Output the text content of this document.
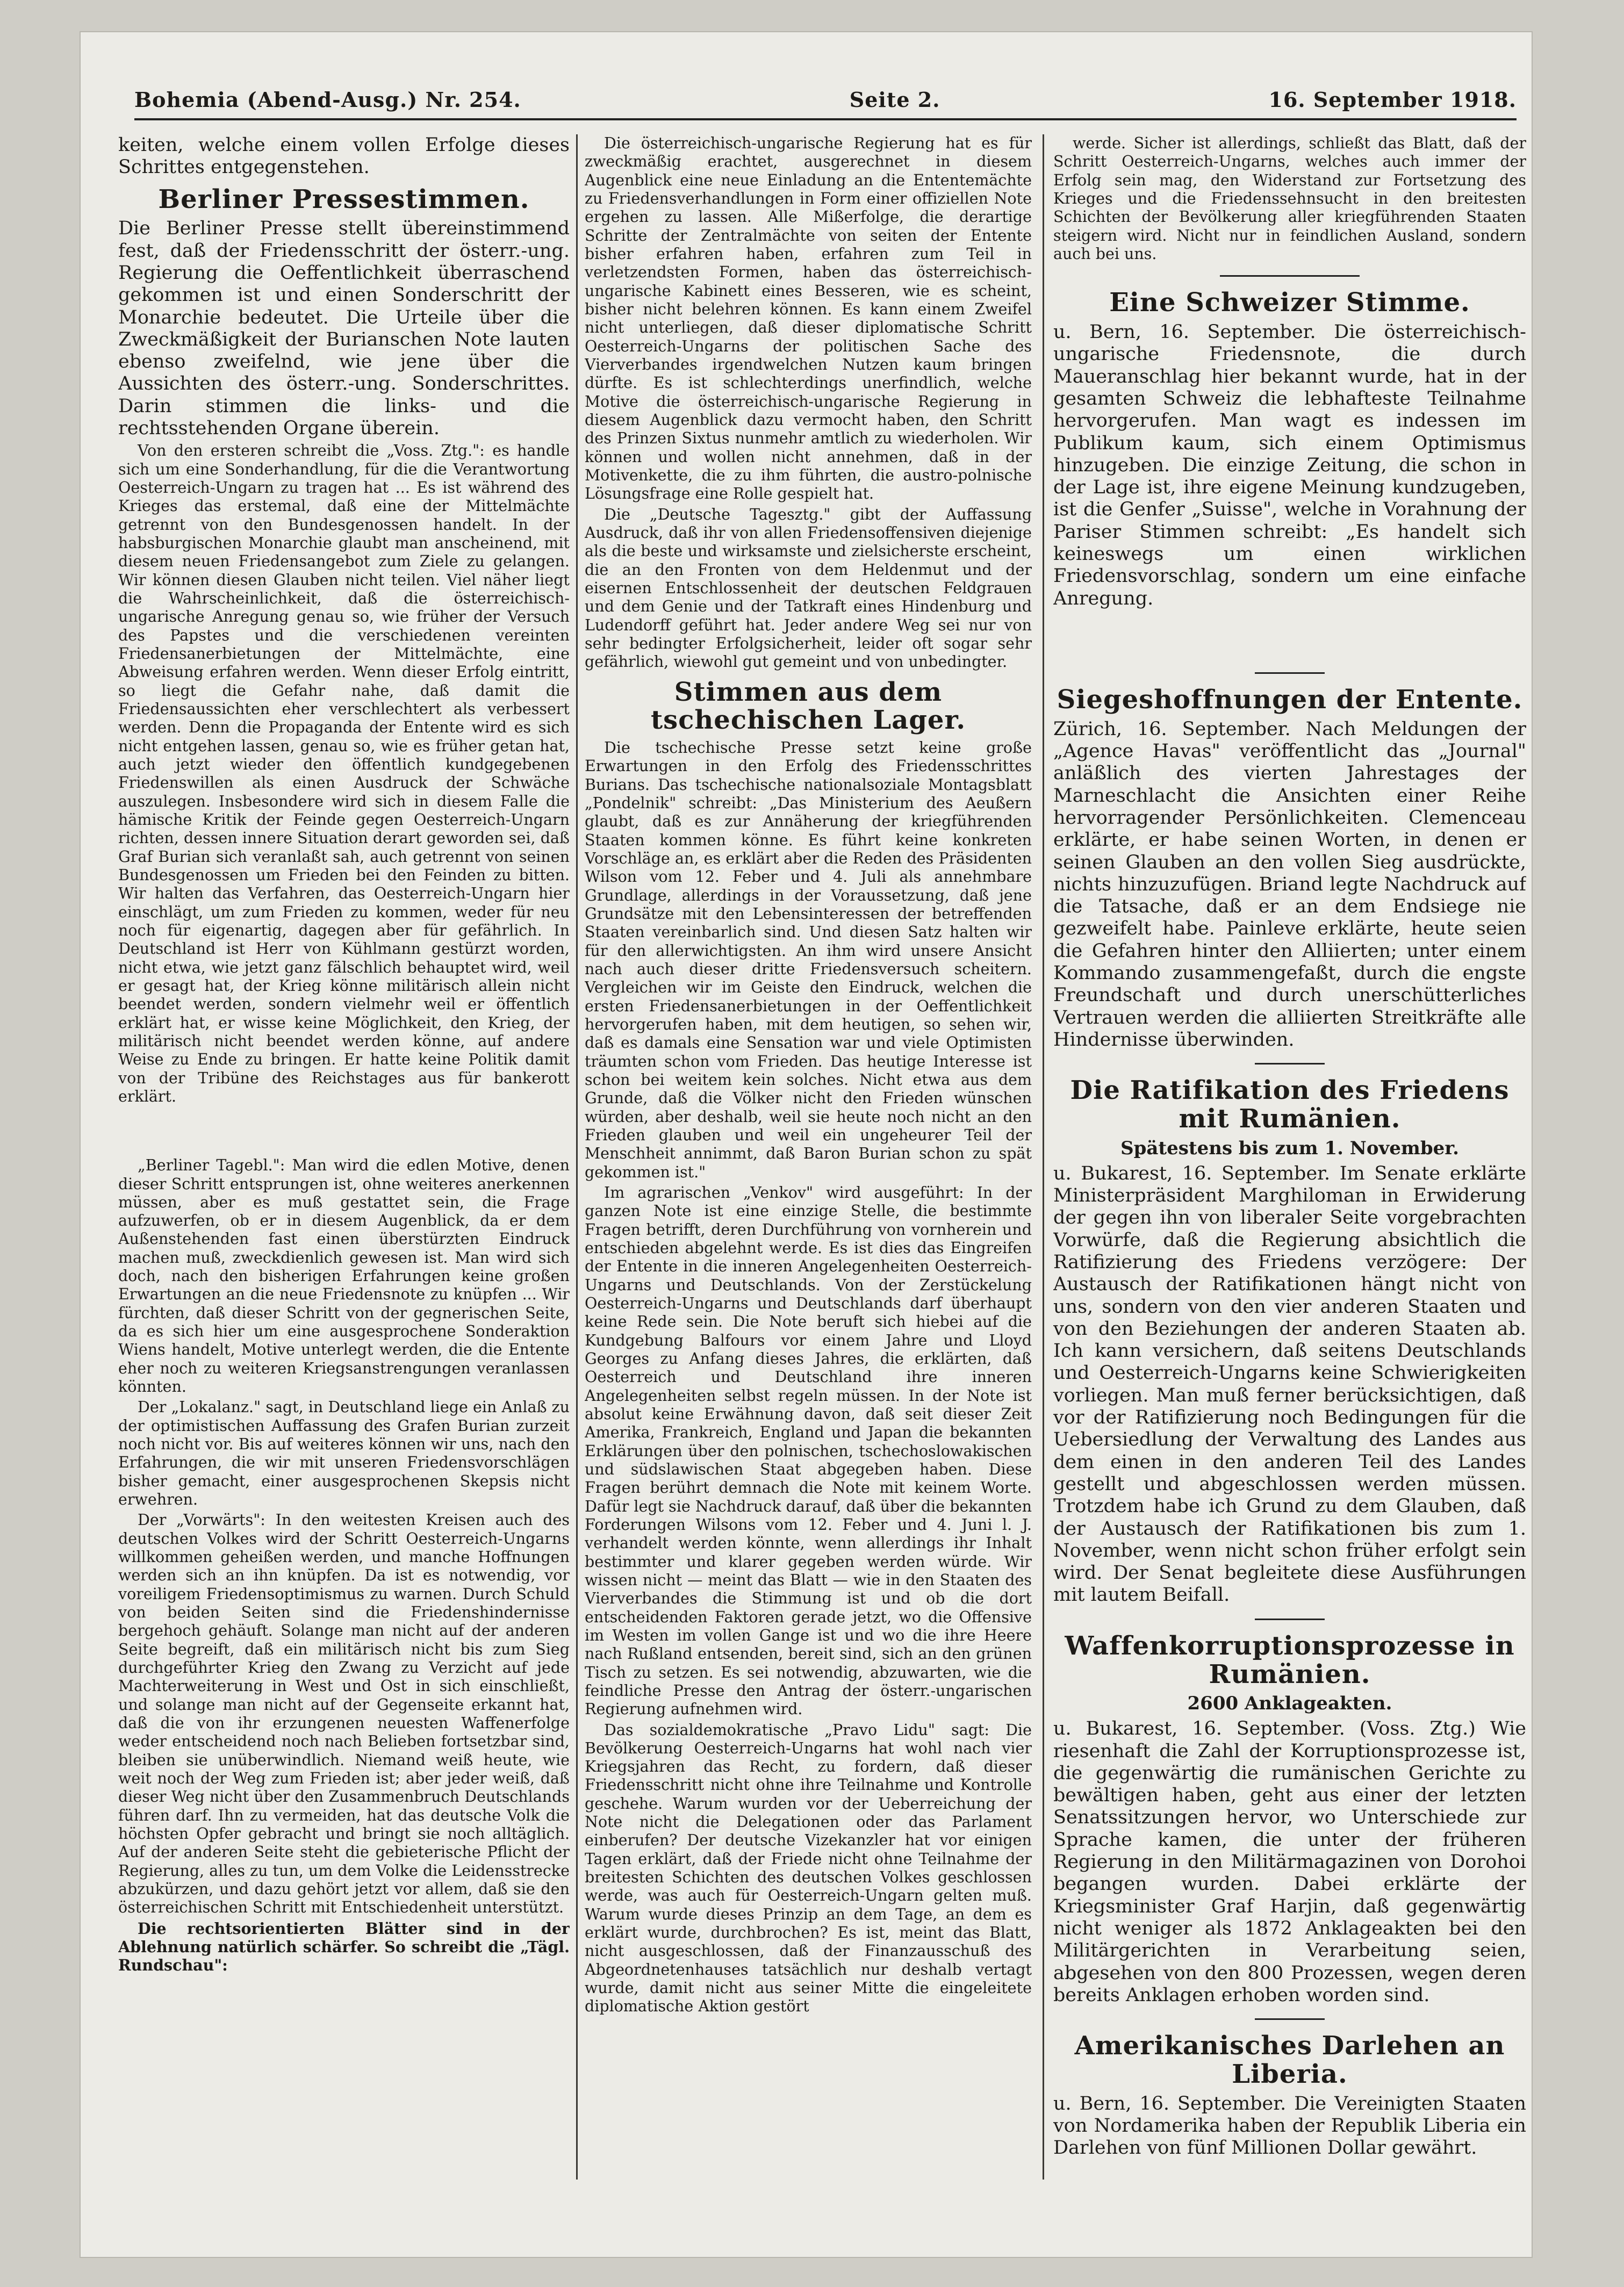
Bohemia (Abend-Ausg.) Nr. 254.	Seite 2.	16. September 1918.

keiten, welche einem vollen Erfolge dieses Schrittes entgegenstehen.

Berliner Pressestimmen.

Die Berliner Presse stellt übereinstimmend fest, daß der Friedensschritt der österr.-ung. Regierung die Oeffentlichkeit überraschend gekommen ist und einen Sonderschritt der Monarchie bedeutet. Die Urteile über die Zweckmäßigkeit der Burianschen Note lauten ebenso zweifelnd, wie jene über die Aussichten des österr.-ung. Sonderschrittes. Darin stimmen die links- und die rechtsstehenden Organe überein.

Von den ersteren schreibt die „Voss. Ztg.": es handle sich um eine Sonderhandlung, für die die Verantwortung Oesterreich-Ungarn zu tragen hat ... Es ist während des Krieges das erstemal, daß eine der Mittelmächte getrennt von den Bundesgenossen handelt. In der habsburgischen Monarchie glaubt man anscheinend, mit diesem neuen Friedensangebot zum Ziele zu gelangen. Wir können diesen Glauben nicht teilen. Viel näher liegt die Wahrscheinlichkeit, daß die österreichisch-ungarische Anregung genau so, wie früher der Versuch des Papstes und die verschiedenen vereinten Friedensanerbietungen der Mittelmächte, eine Abweisung erfahren werden. Wenn dieser Erfolg eintritt, so liegt die Gefahr nahe, daß damit die Friedensaussichten eher verschlechtert als verbessert werden. Denn die Propaganda der Entente wird es sich nicht entgehen lassen, genau so, wie es früher getan hat, auch jetzt wieder den öffentlich kundgegebenen Friedenswillen als einen Ausdruck der Schwäche auszulegen. Insbesondere wird sich in diesem Falle die hämische Kritik der Feinde gegen Oesterreich-Ungarn richten, dessen innere Situation derart geworden sei, daß Graf Burian sich veranlaßt sah, auch getrennt von seinen Bundesgenossen um Frieden bei den Feinden zu bitten. Wir halten das Verfahren, das Oesterreich-Ungarn hier einschlägt, um zum Frieden zu kommen, weder für neu noch für eigenartig, dagegen aber für gefährlich. In Deutschland ist Herr von Kühlmann gestürzt worden, nicht etwa, wie jetzt ganz fälschlich behauptet wird, weil er gesagt hat, der Krieg könne militärisch allein nicht beendet werden, sondern vielmehr weil er öffentlich erklärt hat, er wisse keine Möglichkeit, den Krieg, der militärisch nicht beendet werden könne, auf andere Weise zu Ende zu bringen. Er hatte keine Politik damit von der Tribüne des Reichstages aus für bankerott erklärt.

„Berliner Tagebl.": Man wird die edlen Motive, denen dieser Schritt entsprungen ist, ohne weiteres anerkennen müssen, aber es muß gestattet sein, die Frage aufzuwerfen, ob er in diesem Augenblick, da er dem Außenstehenden fast einen überstürzten Eindruck machen muß, zweckdienlich gewesen ist. Man wird sich doch, nach den bisherigen Erfahrungen keine großen Erwartungen an die neue Friedensnote zu knüpfen ... Wir fürchten, daß dieser Schritt von der gegnerischen Seite, da es sich hier um eine ausgesprochene Sonderaktion Wiens handelt, Motive unterlegt werden, die die Entente eher noch zu weiteren Kriegsanstrengungen veranlassen könnten.

Der „Lokalanz." sagt, in Deutschland liege ein Anlaß zu der optimistischen Auffassung des Grafen Burian zurzeit noch nicht vor. Bis auf weiteres können wir uns, nach den Erfahrungen, die wir mit unseren Friedensvorschlägen bisher gemacht, einer ausgesprochenen Skepsis nicht erwehren.

Der „Vorwärts": In den weitesten Kreisen auch des deutschen Volkes wird der Schritt Oesterreich-Ungarns willkommen geheißen werden, und manche Hoffnungen werden sich an ihn knüpfen. Da ist es notwendig, vor voreiligem Friedensoptimismus zu warnen. Durch Schuld von beiden Seiten sind die Friedenshindernisse bergehoch gehäuft. Solange man nicht auf der anderen Seite begreift, daß ein militärisch nicht bis zum Sieg durchgeführter Krieg den Zwang zu Verzicht auf jede Machterweiterung in West und Ost in sich einschließt, und solange man nicht auf der Gegenseite erkannt hat, daß die von ihr erzungenen neuesten Waffenerfolge weder entscheidend noch nach Belieben fortsetzbar sind, bleiben sie unüberwindlich. Niemand weiß heute, wie weit noch der Weg zum Frieden ist; aber jeder weiß, daß dieser Weg nicht über den Zusammenbruch Deutschlands führen darf. Ihn zu vermeiden, hat das deutsche Volk die höchsten Opfer gebracht und bringt sie noch alltäglich. Auf der anderen Seite steht die gebieterische Pflicht der Regierung, alles zu tun, um dem Volke die Leidensstrecke abzukürzen, und dazu gehört jetzt vor allem, daß sie den österreichischen Schritt mit Entschiedenheit unterstützt.

Die rechtsorientierten Blätter sind in der Ablehnung natürlich schärfer. So schreibt die „Tägl. Rundschau":

Die österreichisch-ungarische Regierung hat es für zweckmäßig erachtet, ausgerechnet in diesem Augenblick eine neue Einladung an die Ententemächte zu Friedensverhandlungen in Form einer offiziellen Note ergehen zu lassen. Alle Mißerfolge, die derartige Schritte der Zentralmächte von seiten der Entente bisher erfahren haben, erfahren zum Teil in verletzendsten Formen, haben das österreichisch-ungarische Kabinett eines Besseren, wie es scheint, bisher nicht belehren können. Es kann einem Zweifel nicht unterliegen, daß dieser diplomatische Schritt Oesterreich-Ungarns der politischen Sache des Vierverbandes irgendwelchen Nutzen kaum bringen dürfte. Es ist schlechterdings unerfindlich, welche Motive die österreichisch-ungarische Regierung in diesem Augenblick dazu vermocht haben, den Schritt des Prinzen Sixtus nunmehr amtlich zu wiederholen. Wir können und wollen nicht annehmen, daß in der Motivenkette, die zu ihm führten, die austro-polnische Lösungsfrage eine Rolle gespielt hat.

Die „Deutsche Tagesztg." gibt der Auffassung Ausdruck, daß ihr von allen Friedensoffensiven diejenige als die beste und wirksamste und zielsicherste erscheint, die an den Fronten von dem Heldenmut und der eisernen Entschlossenheit der deutschen Feldgrauen und dem Genie und der Tatkraft eines Hindenburg und Ludendorff geführt hat. Jeder andere Weg sei nur von sehr bedingter Erfolgsicherheit, leider oft sogar sehr gefährlich, wiewohl gut gemeint und von unbedingter.

Stimmen aus dem tschechischen Lager.

Die tschechische Presse setzt keine große Erwartungen in den Erfolg des Friedensschrittes Burians. Das tschechische nationalsoziale Montagsblatt „Pondelnik" schreibt: „Das Ministerium des Aeußern glaubt, daß es zur Annäherung der kriegführenden Staaten kommen könne. Es führt keine konkreten Vorschläge an, es erklärt aber die Reden des Präsidenten Wilson vom 12. Feber und 4. Juli als annehmbare Grundlage, allerdings in der Voraussetzung, daß jene Grundsätze mit den Lebensinteressen der betreffenden Staaten vereinbarlich sind. Und diesen Satz halten wir für den allerwichtigsten. An ihm wird unsere Ansicht nach auch dieser dritte Friedensversuch scheitern. Vergleichen wir im Geiste den Eindruck, welchen die ersten Friedensanerbietungen in der Oeffentlichkeit hervorgerufen haben, mit dem heutigen, so sehen wir, daß es damals eine Sensation war und viele Optimisten träumten schon vom Frieden. Das heutige Interesse ist schon bei weitem kein solches. Nicht etwa aus dem Grunde, daß die Völker nicht den Frieden wünschen würden, aber deshalb, weil sie heute noch nicht an den Frieden glauben und weil ein ungeheurer Teil der Menschheit annimmt, daß Baron Burian schon zu spät gekommen ist."

Im agrarischen „Venkov" wird ausgeführt: In der ganzen Note ist eine einzige Stelle, die bestimmte Fragen betrifft, deren Durchführung von vornherein und entschieden abgelehnt werde. Es ist dies das Eingreifen der Entente in die inneren Angelegenheiten Oesterreich-Ungarns und Deutschlands. Von der Zerstückelung Oesterreich-Ungarns und Deutschlands darf überhaupt keine Rede sein. Die Note beruft sich hiebei auf die Kundgebung Balfours vor einem Jahre und Lloyd Georges zu Anfang dieses Jahres, die erklärten, daß Oesterreich und Deutschland ihre inneren Angelegenheiten selbst regeln müssen. In der Note ist absolut keine Erwähnung davon, daß seit dieser Zeit Amerika, Frankreich, England und Japan die bekannten Erklärungen über den polnischen, tschechoslowakischen und südslawischen Staat abgegeben haben. Diese Fragen berührt demnach die Note mit keinem Worte. Dafür legt sie Nachdruck darauf, daß über die bekannten Forderungen Wilsons vom 12. Feber und 4. Juni l. J. verhandelt werden könnte, wenn allerdings ihr Inhalt bestimmter und klarer gegeben werden würde. Wir wissen nicht — meint das Blatt — wie in den Staaten des Vierverbandes die Stimmung ist und ob die dort entscheidenden Faktoren gerade jetzt, wo die Offensive im Westen im vollen Gange ist und wo die ihre Heere nach Rußland entsenden, bereit sind, sich an den grünen Tisch zu setzen. Es sei notwendig, abzuwarten, wie die feindliche Presse den Antrag der österr.-ungarischen Regierung aufnehmen wird.

Das sozialdemokratische „Pravo Lidu" sagt: Die Bevölkerung Oesterreich-Ungarns hat wohl nach vier Kriegsjahren das Recht, zu fordern, daß dieser Friedensschritt nicht ohne ihre Teilnahme und Kontrolle geschehe. Warum wurden vor der Ueberreichung der Note nicht die Delegationen oder das Parlament einberufen? Der deutsche Vizekanzler hat vor einigen Tagen erklärt, daß der Friede nicht ohne Teilnahme der breitesten Schichten des deutschen Volkes geschlossen werde, was auch für Oesterreich-Ungarn gelten muß. Warum wurde dieses Prinzip an dem Tage, an dem es erklärt wurde, durchbrochen? Es ist, meint das Blatt, nicht ausgeschlossen, daß der Finanzausschuß des Abgeordnetenhauses tatsächlich nur deshalb vertagt wurde, damit nicht aus seiner Mitte die eingeleitete diplomatische Aktion gestört

werde. Sicher ist allerdings, schließt das Blatt, daß der Schritt Oesterreich-Ungarns, welches auch immer der Erfolg sein mag, den Widerstand zur Fortsetzung des Krieges und die Friedenssehnsucht in den breitesten Schichten der Bevölkerung aller kriegführenden Staaten steigern wird. Nicht nur in feindlichen Ausland, sondern auch bei uns.

Eine Schweizer Stimme.

u. Bern, 16. September. Die österreichisch-ungarische Friedensnote, die durch Maueranschlag hier bekannt wurde, hat in der gesamten Schweiz die lebhafteste Teilnahme hervorgerufen. Man wagt es indessen im Publikum kaum, sich einem Optimismus hinzugeben. Die einzige Zeitung, die schon in der Lage ist, ihre eigene Meinung kundzugeben, ist die Genfer „Suisse", welche in Vorahnung der Pariser Stimmen schreibt: „Es handelt sich keineswegs um einen wirklichen Friedensvorschlag, sondern um eine einfache Anregung.

Siegeshoffnungen der Entente.

Zürich, 16. September. Nach Meldungen der „Agence Havas" veröffentlicht das „Journal" anläßlich des vierten Jahrestages der Marneschlacht die Ansichten einer Reihe hervorragender Persönlichkeiten. Clemenceau erklärte, er habe seinen Worten, in denen er seinen Glauben an den vollen Sieg ausdrückte, nichts hinzuzufügen. Briand legte Nachdruck auf die Tatsache, daß er an dem Endsiege nie gezweifelt habe. Painleve erklärte, heute seien die Gefahren hinter den Alliierten; unter einem Kommando zusammengefaßt, durch die engste Freundschaft und durch unerschütterliches Vertrauen werden die alliierten Streitkräfte alle Hindernisse überwinden.

Die Ratifikation des Friedens mit Rumänien.
Spätestens bis zum 1. November.

u. Bukarest, 16. September. Im Senate erklärte Ministerpräsident Marghiloman in Erwiderung der gegen ihn von liberaler Seite vorgebrachten Vorwürfe, daß die Regierung absichtlich die Ratifizierung des Friedens verzögere: Der Austausch der Ratifikationen hängt nicht von uns, sondern von den vier anderen Staaten und von den Beziehungen der anderen Staaten ab. Ich kann versichern, daß seitens Deutschlands und Oesterreich-Ungarns keine Schwierigkeiten vorliegen. Man muß ferner berücksichtigen, daß vor der Ratifizierung noch Bedingungen für die Uebersiedlung der Verwaltung des Landes aus dem einen in den anderen Teil des Landes gestellt und abgeschlossen werden müssen. Trotzdem habe ich Grund zu dem Glauben, daß der Austausch der Ratifikationen bis zum 1. November, wenn nicht schon früher erfolgt sein wird. Der Senat begleitete diese Ausführungen mit lautem Beifall.

Waffenkorruptionsprozesse in Rumänien.
2600 Anklageakten.

u. Bukarest, 16. September. (Voss. Ztg.) Wie riesenhaft die Zahl der Korruptionsprozesse ist, die gegenwärtig die rumänischen Gerichte zu bewältigen haben, geht aus einer der letzten Senatssitzungen hervor, wo Unterschiede zur Sprache kamen, die unter der früheren Regierung in den Militärmagazinen von Dorohoi begangen wurden. Dabei erklärte der Kriegsminister Graf Harjin, daß gegenwärtig nicht weniger als 1872 Anklageakten bei den Militärgerichten in Verarbeitung seien, abgesehen von den 800 Prozessen, wegen deren bereits Anklagen erhoben worden sind.

Amerikanisches Darlehen an Liberia.

u. Bern, 16. September. Die Vereinigten Staaten von Nordamerika haben der Republik Liberia ein Darlehen von fünf Millionen Dollar gewährt.
